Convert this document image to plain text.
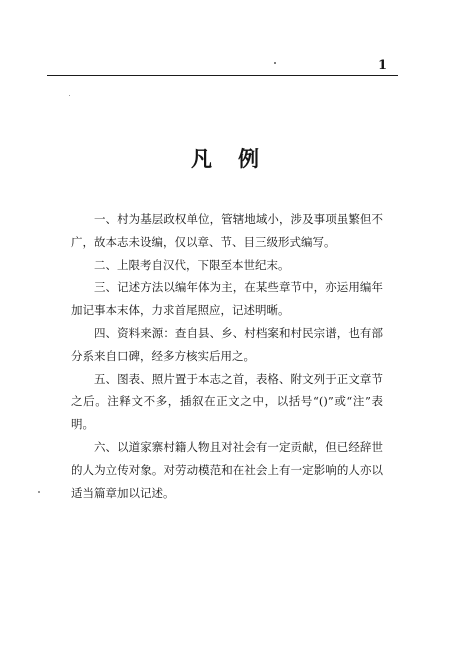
1
凡例

一、村为基层政权单位，管辖地域小，涉及事项虽繁但不广，故本志未设编，仅以章、节、目三级形式编写。

二、上限考自汉代，下限至本世纪末。

三、记述方法以编年体为主，在某些章节中，亦运用编年加记事本末体，力求首尾照应，记述明晰。

四、资料来源：查自县、乡、村档案和村民宗谱，也有部分系来自口碑，经多方核实后用之。

五、图表、照片置于本志之首，表格、附文列于正文章节之后。注释文不多，插叙在正文之中，以括号“()”或“注”表明。

六、以道家寨村籍人物且对社会有一定贡献，但已经辞世的人为立传对象。对劳动模范和在社会上有一定影响的人亦以适当篇章加以记述。
